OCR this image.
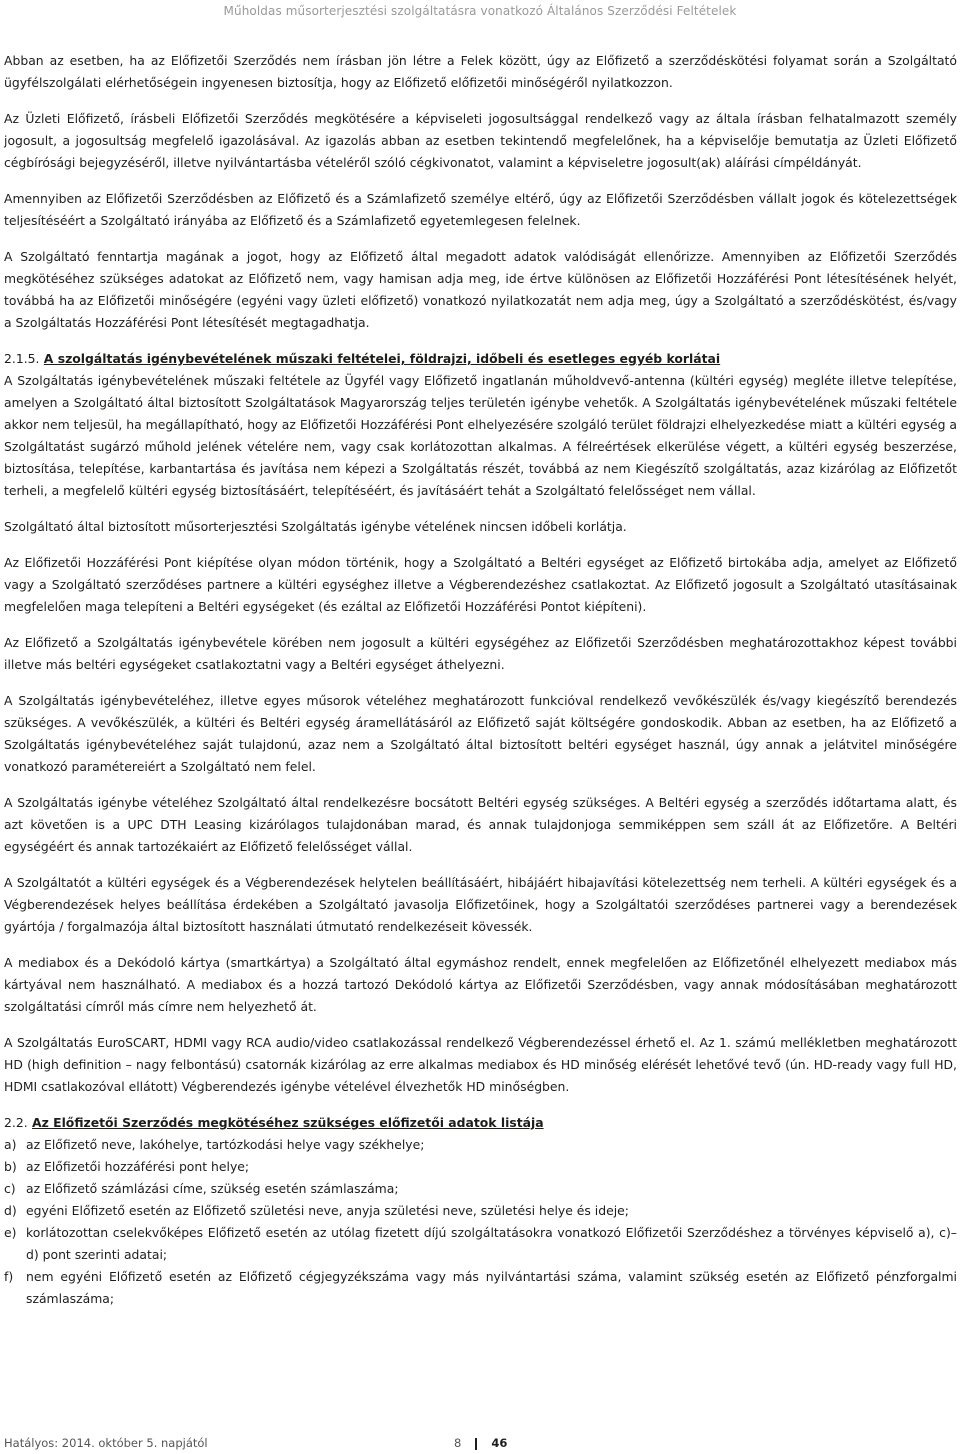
Műholdas műsorterjesztési szolgáltatásra vonatkozó Általános Szerződési Feltételek

Abban az esetben, ha az Előfizetői Szerződés nem írásban jön létre a Felek között, úgy az Előfizető a szerződéskötési folyamat során a Szolgáltató ügyfélszolgálati elérhetőségein ingyenesen biztosítja, hogy az Előfizető előfizetői minőségéről nyilatkozzon.

Az Üzleti Előfizető, írásbeli Előfizetői Szerződés megkötésére a képviseleti jogosultsággal rendelkező vagy az általa írásban felhatalmazott személy jogosult, a jogosultság megfelelő igazolásával. Az igazolás abban az esetben tekintendő megfelelőnek, ha a képviselője bemutatja az Üzleti Előfizető cégbírósági bejegyzéséről, illetve nyilvántartásba vételéről szóló cégkivonatot, valamint a képviseletre jogosult(ak) aláírási címpéldányát.

Amennyiben az Előfizetői Szerződésben az Előfizető és a Számlafizető személye eltérő, úgy az Előfizetői Szerződésben vállalt jogok és kötelezettségek teljesítéséért a Szolgáltató irányába az Előfizető és a Számlafizető egyetemlegesen felelnek.

A Szolgáltató fenntartja magának a jogot, hogy az Előfizető által megadott adatok valódiságát ellenőrizze. Amennyiben az Előfizetői Szerződés megkötéséhez szükséges adatokat az Előfizető nem, vagy hamisan adja meg, ide értve különösen az Előfizetői Hozzáférési Pont létesítésének helyét, továbbá ha az Előfizetői minőségére (egyéni vagy üzleti előfizető) vonatkozó nyilatkozatát nem adja meg, úgy a Szolgáltató a szerződéskötést, és/vagy a Szolgáltatás Hozzáférési Pont létesítését megtagadhatja.

2.1.5. A szolgáltatás igénybevételének műszaki feltételei, földrajzi, időbeli és esetleges egyéb korlátai

A Szolgáltatás igénybevételének műszaki feltétele az Ügyfél vagy Előfizető ingatlanán műholdvevő-antenna (kültéri egység) megléte illetve telepítése, amelyen a Szolgáltató által biztosított Szolgáltatások Magyarország teljes területén igénybe vehetők. A Szolgáltatás igénybevételének műszaki feltétele akkor nem teljesül, ha megállapítható, hogy az Előfizetői Hozzáférési Pont elhelyezésére szolgáló terület földrajzi elhelyezkedése miatt a kültéri egység a Szolgáltatást sugárzó műhold jelének vételére nem, vagy csak korlátozottan alkalmas. A félreértések elkerülése végett, a kültéri egység beszerzése, biztosítása, telepítése, karbantartása és javítása nem képezi a Szolgáltatás részét, továbbá az nem Kiegészítő szolgáltatás, azaz kizárólag az Előfizetőt terheli, a megfelelő kültéri egység biztosításáért, telepítéséért, és javításáért tehát a Szolgáltató felelősséget nem vállal.

Szolgáltató által biztosított műsorterjesztési Szolgáltatás igénybe vételének nincsen időbeli korlátja.

Az Előfizetői Hozzáférési Pont kiépítése olyan módon történik, hogy a Szolgáltató a Beltéri egységet az Előfizető birtokába adja, amelyet az Előfizető vagy a Szolgáltató szerződéses partnere a kültéri egységhez illetve a Végberendezéshez csatlakoztat. Az Előfizető jogosult a Szolgáltató utasításainak megfelelően maga telepíteni a Beltéri egységeket (és ezáltal az Előfizetői Hozzáférési Pontot kiépíteni).

Az Előfizető a Szolgáltatás igénybevétele körében nem jogosult a kültéri egységéhez az Előfizetői Szerződésben meghatározottakhoz képest további illetve más beltéri egységeket csatlakoztatni vagy a Beltéri egységet áthelyezni.

A Szolgáltatás igénybevételéhez, illetve egyes műsorok vételéhez meghatározott funkcióval rendelkező vevőkészülék és/vagy kiegészítő berendezés szükséges. A vevőkészülék, a kültéri és Beltéri egység áramellátásáról az Előfizető saját költségére gondoskodik. Abban az esetben, ha az Előfizető a Szolgáltatás igénybevételéhez saját tulajdonú, azaz nem a Szolgáltató által biztosított beltéri egységet használ, úgy annak a jelátvitel minőségére vonatkozó paramétereiért a Szolgáltató nem felel.

A Szolgáltatás igénybe vételéhez Szolgáltató által rendelkezésre bocsátott Beltéri egység szükséges. A Beltéri egység a szerződés időtartama alatt, és azt követően is a UPC DTH Leasing kizárólagos tulajdonában marad, és annak tulajdonjoga semmiképpen sem száll át az Előfizetőre. A Beltéri egységéért és annak tartozékaiért az Előfizető felelősséget vállal.

A Szolgáltatót a kültéri egységek és a Végberendezések helytelen beállításáért, hibájáért hibajavítási kötelezettség nem terheli. A kültéri egységek és a Végberendezések helyes beállítása érdekében a Szolgáltató javasolja Előfizetőinek, hogy a Szolgáltatói szerződéses partnerei vagy a berendezések gyártója / forgalmazója által biztosított használati útmutató rendelkezéseit kövessék.

A mediabox és a Dekódoló kártya (smartkártya) a Szolgáltató által egymáshoz rendelt, ennek megfelelően az Előfizetőnél elhelyezett mediabox más kártyával nem használható. A mediabox és a hozzá tartozó Dekódoló kártya az Előfizetői Szerződésben, vagy annak módosításában meghatározott szolgáltatási címről más címre nem helyezhető át.

A Szolgáltatás EuroSCART, HDMI vagy RCA audio/video csatlakozással rendelkező Végberendezéssel érhető el. Az 1. számú mellékletben meghatározott HD (high definition – nagy felbontású) csatornák kizárólag az erre alkalmas mediabox és HD minőség elérését lehetővé tevő (ún. HD-ready vagy full HD, HDMI csatlakozóval ellátott) Végberendezés igénybe vételével élvezhetők HD minőségben.

2.2. Az Előfizetői Szerződés megkötéséhez szükséges előfizetői adatok listája
a) az Előfizető neve, lakóhelye, tartózkodási helye vagy székhelye;
b) az Előfizetői hozzáférési pont helye;
c) az Előfizető számlázási címe, szükség esetén számlaszáma;
d) egyéni Előfizető esetén az Előfizető születési neve, anyja születési neve, születési helye és ideje;
e) korlátozottan cselekvőképes Előfizető esetén az utólag fizetett díjú szolgáltatásokra vonatkozó Előfizetői Szerződéshez a törvényes képviselő a), c)–d) pont szerinti adatai;
f)	nem egyéni Előfizető esetén az Előfizető cégjegyzékszáma vagy más nyilvántartási száma, valamint szükség esetén az Előfizető pénzforgalmi számlaszáma;
Hatályos: 2014. október 5. napjától	8	46
